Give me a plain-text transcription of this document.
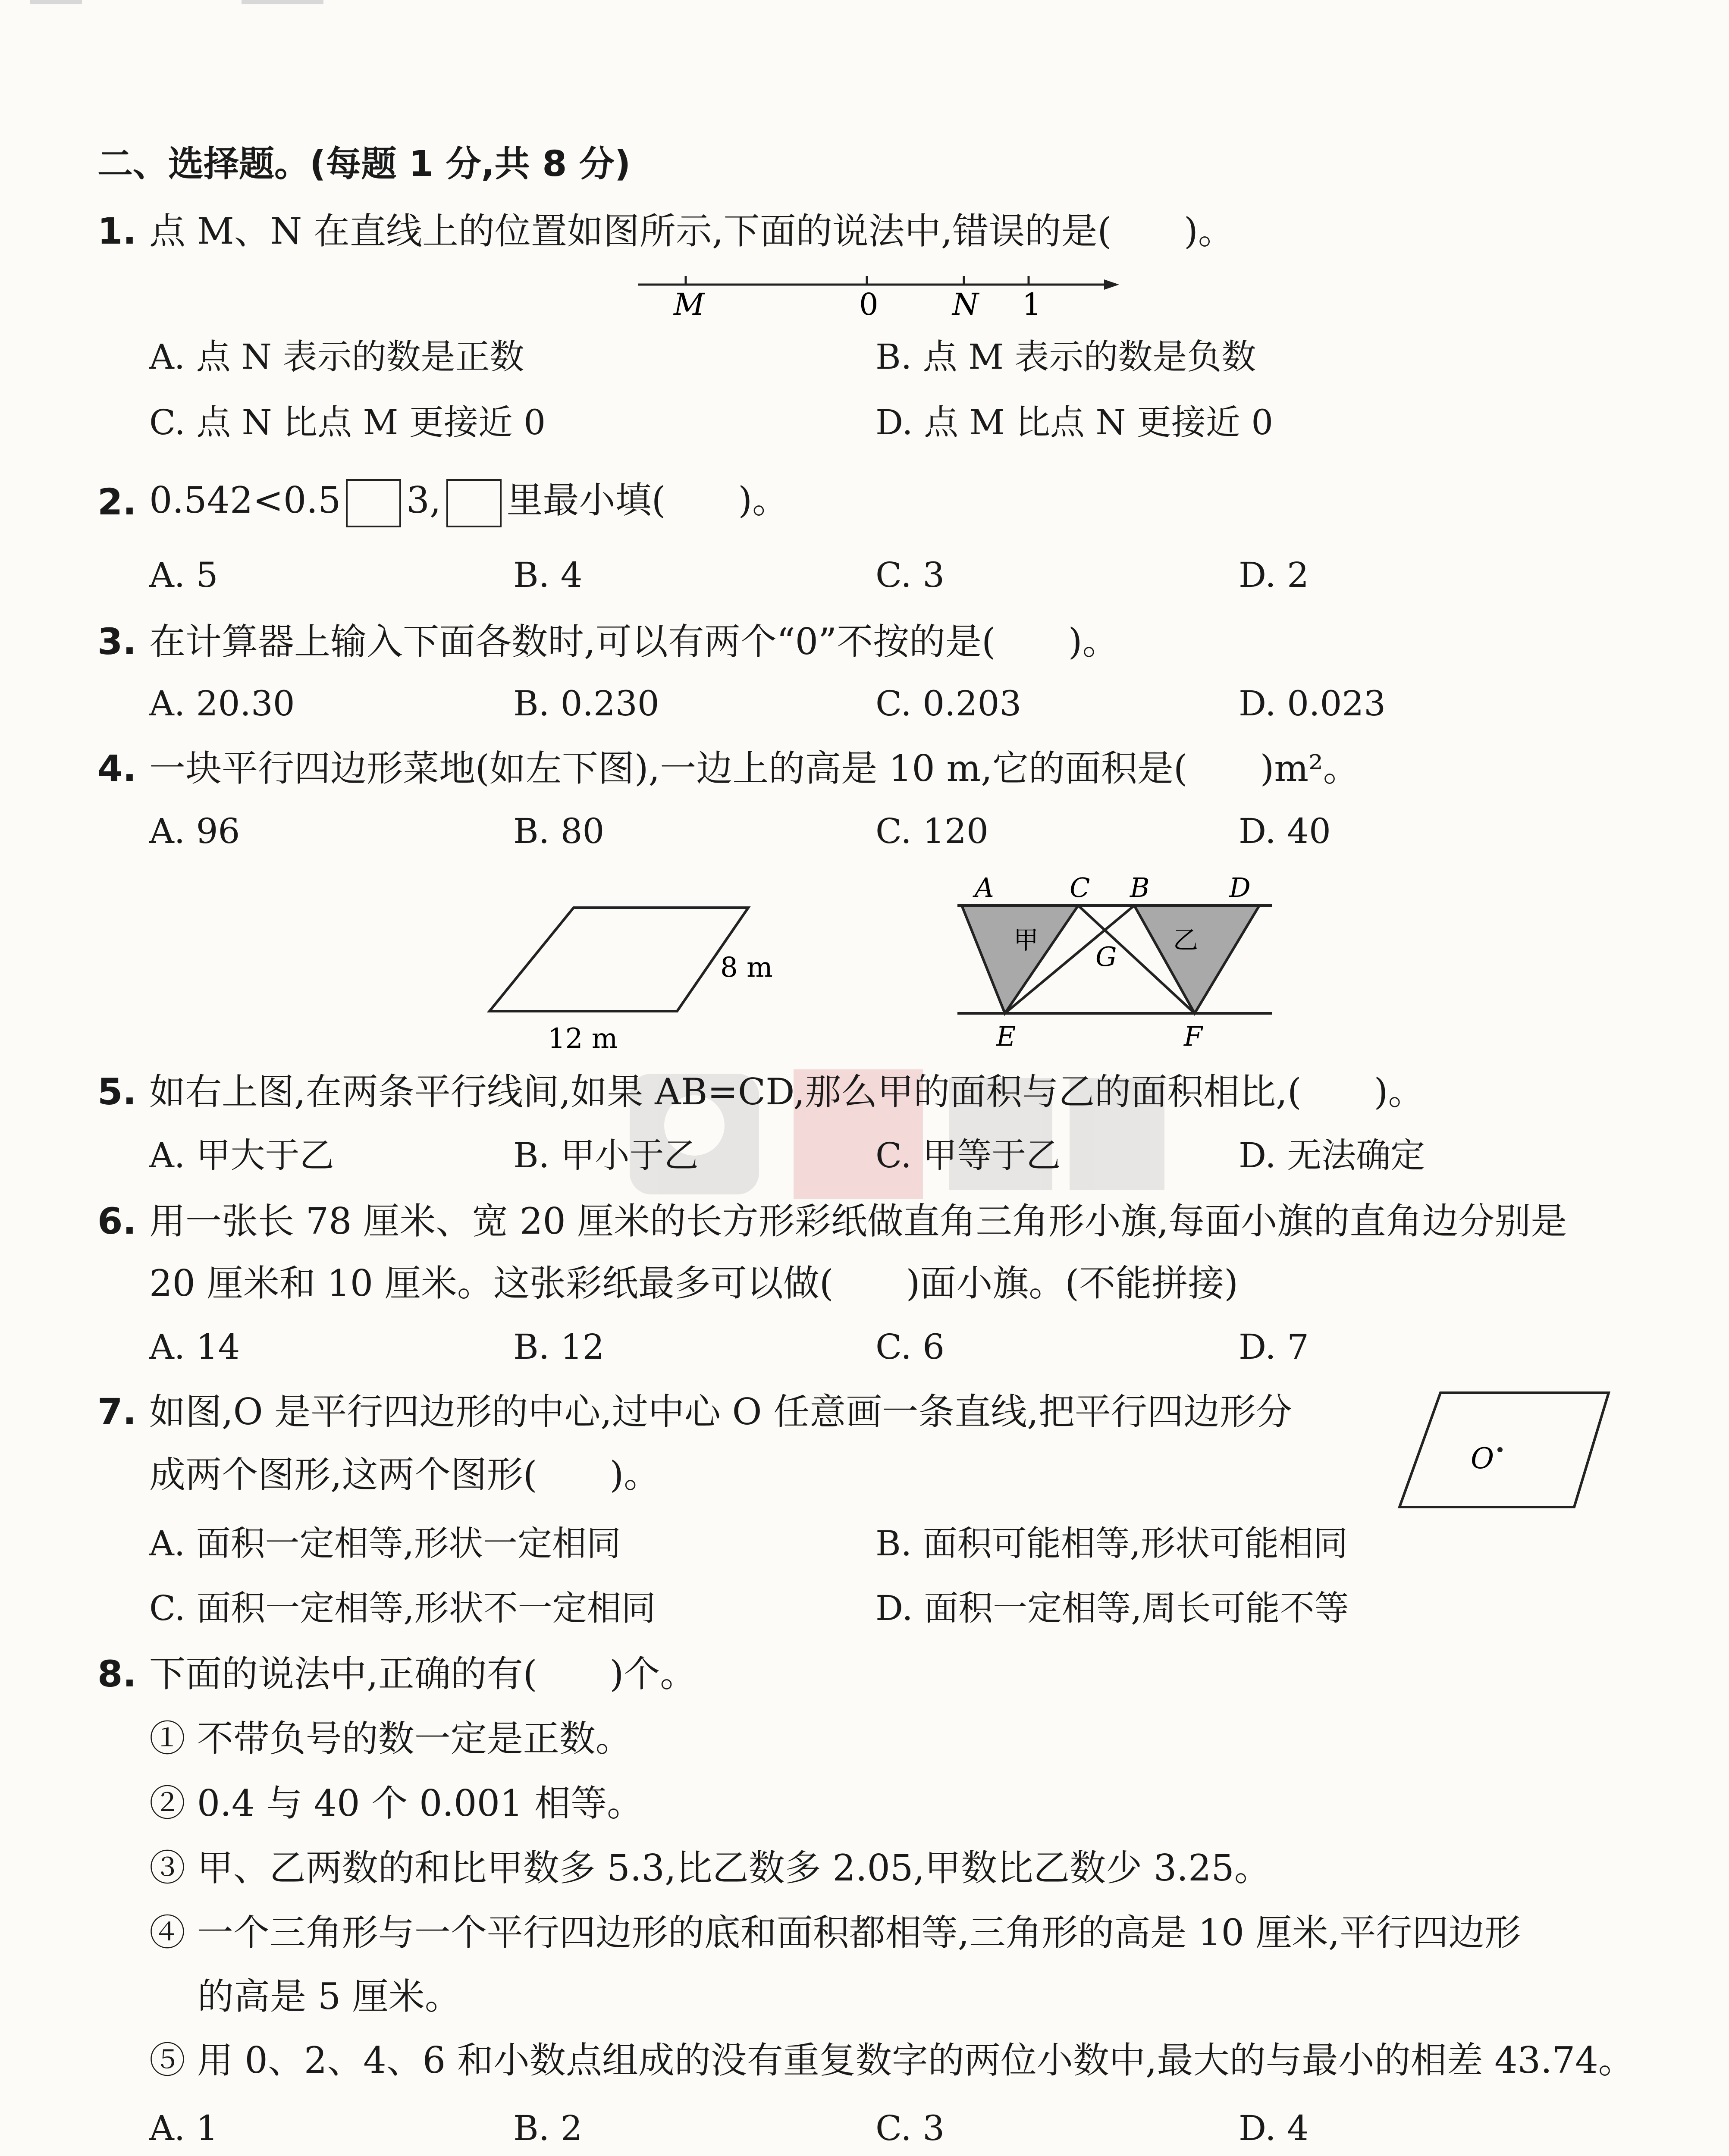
二、选择题。(每题 1 分,共 8 分)
1. 点 M、N 在直线上的位置如图所示,下面的说法中,错误的是(　　)。
M	0 N 1
A. 点 N 表示的数是正数	B. 点 M 表示的数是负数
C. 点 N 比点 M 更接近 0	D. 点 M 比点 N 更接近 0
2. 0.542<0.5 3, 里最小填(　　)。
A. 5	B. 4	C. 3	D. 2
3. 在计算器上输入下面各数时,可以有两个“0”不按的是(　　)。
A. 20.30	B. 0.230	C. 0.203	D. 0.023
4. 一块平行四边形菜地(如左下图),一边上的高是 10 m,它的面积是(　　)m²。
A. 96	B. 80	C. 120	D. 40
8 m
12 m
A	C B	D
G
E	F
甲	乙
5. 如右上图,在两条平行线间,如果 AB=CD,那么甲的面积与乙的面积相比,(　　)。
A. 甲大于乙	B. 甲小于乙	C. 甲等于乙	D. 无法确定
6. 用一张长 78 厘米、宽 20 厘米的长方形彩纸做直角三角形小旗,每面小旗的直角边分别是
20 厘米和 10 厘米。这张彩纸最多可以做(　　)面小旗。(不能拼接)
A. 14	B. 12	C. 6	D. 7
7. 如图,O 是平行四边形的中心,过中心 O 任意画一条直线,把平行四边形分
成两个图形,这两个图形(　　)。	O
A. 面积一定相等,形状一定相同	B. 面积可能相等,形状可能相同
C. 面积一定相等,形状不一定相同	D. 面积一定相等,周长可能不等
8. 下面的说法中,正确的有(　　)个。
① 不带负号的数一定是正数。
② 0.4 与 40 个 0.001 相等。
③ 甲、乙两数的和比甲数多 5.3,比乙数多 2.05,甲数比乙数少 3.25。
④ 一个三角形与一个平行四边形的底和面积都相等,三角形的高是 10 厘米,平行四边形
的高是 5 厘米。
⑤ 用 0、2、4、6 和小数点组成的没有重复数字的两位小数中,最大的与最小的相差 43.74。
A. 1	B. 2	C. 3	D. 4
